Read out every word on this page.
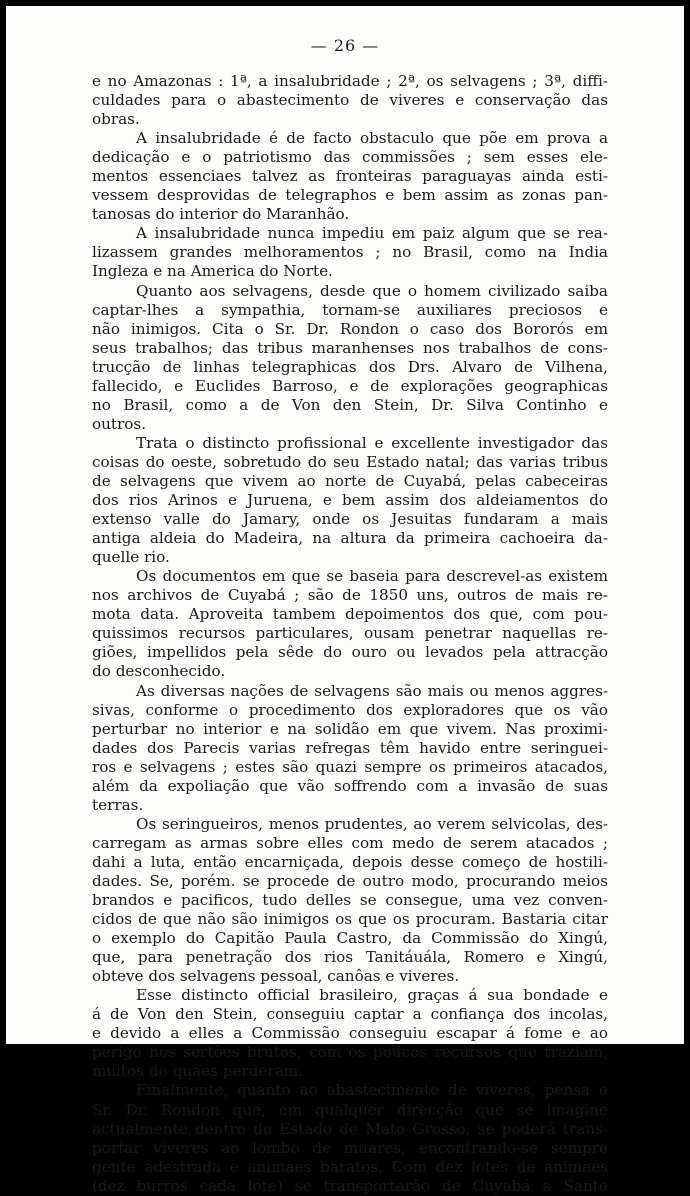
— 26 —
e no Amazonas : 1ª, a insalubridade ; 2ª, os selvagens ; 3ª, diffi-
culdades para o abastecimento de viveres e conservação das
obras.
A insalubridade é de facto obstaculo que põe em prova a
dedicação e o patriotismo das commissões ; sem esses ele-
mentos essenciaes talvez as fronteiras paraguayas ainda esti-
vessem desprovidas de telegraphos e bem assim as zonas pan-
tanosas do interior do Maranhão.
A insalubridade nunca impediu em paiz algum que se rea-
lizassem grandes melhoramentos ; no Brasil, como na India
Ingleza e na America do Norte.
Quanto aos selvagens, desde que o homem civilizado saiba
captar-lhes a sympathia, tornam-se auxiliares preciosos e
não inimigos. Cita o Sr. Dr. Rondon o caso dos Bororós em
seus trabalhos; das tribus maranhenses nos trabalhos de cons-
trucção de linhas telegraphicas dos Drs. Alvaro de Vilhena,
fallecido, e Euclides Barroso, e de explorações geographicas
no Brasil, como a de Von den Stein, Dr. Silva Continho e
outros.
Trata o distincto profissional e excellente investigador das
coisas do oeste, sobretudo do seu Estado natal; das varias tribus
de selvagens que vivem ao norte de Cuyabá, pelas cabeceiras
dos rios Arinos e Juruena, e bem assim dos aldeiamentos do
extenso valle do Jamary, onde os Jesuitas fundaram a mais
antiga aldeia do Madeira, na altura da primeira cachoeira da-
quelle rio.
Os documentos em que se baseia para descrevel-as existem
nos archivos de Cuyabá ; são de 1850 uns, outros de mais re-
mota data. Aproveita tambem depoimentos dos que, com pou-
quissimos recursos particulares, ousam penetrar naquellas re-
giões, impellidos pela sêde do ouro ou levados pela attracção
do desconhecido.
As diversas nações de selvagens são mais ou menos aggres-
sivas, conforme o procedimento dos exploradores que os vão
perturbar no interior e na solidão em que vivem. Nas proximi-
dades dos Parecis varias refregas têm havido entre seringuei-
ros e selvagens ; estes são quazi sempre os primeiros atacados,
além da expoliação que vão soffrendo com a invasão de suas
terras.
Os seringueiros, menos prudentes, ao verem selvicolas, des-
carregam as armas sobre elles com medo de serem atacados ;
dahi a luta, então encarniçada, depois desse começo de hostili-
dades. Se, porém. se procede de outro modo, procurando meios
brandos e pacificos, tudo delles se consegue, uma vez conven-
cidos de que não são inimigos os que os procuram. Bastaria citar
o exemplo do Capitão Paula Castro, da Commissão do Xingú,
que, para penetração dos rios Tanitáuála, Romero e Xingú,
obteve dos selvagens pessoal, canôas e viveres.
Esse distincto official brasileiro, graças á sua bondade e
á de Von den Stein, conseguiu captar a confiança dos incolas,
e devido a elles a Commissão conseguiu escapar á fome e ao
perigo nos sertões brutos, com os poucos recursos que traziam,
muitos do quaes perderam.
Finalmente, quanto ao abastecimento de viveres, pensa o
Sr. Dr. Rondon que, em qualquer direcção que se imagine
actualmente dentro do Estado de Mato Grosso, se poderá trans-
portar viveres ao lombo de muares, encontrando-se sempre
gente adestrada e animaes baratos. Com dez lotes de animaes
(dez burros cada lote) se transportarão de Cuyabá a Santo
